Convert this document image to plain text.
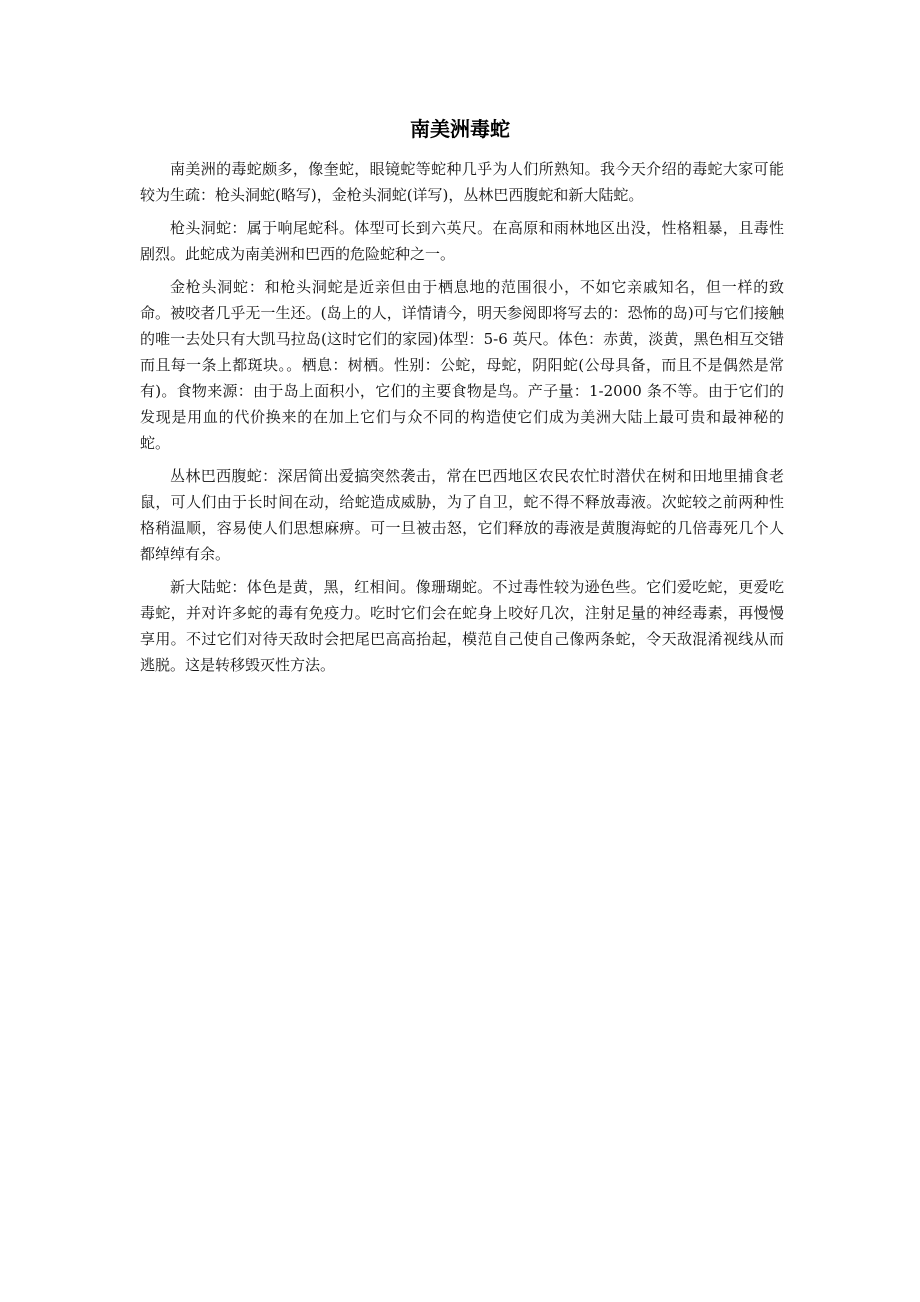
南美洲毒蛇

南美洲的毒蛇颇多，像奎蛇，眼镜蛇等蛇种几乎为人们所熟知。我今天介绍的毒蛇大家可能较为生疏：枪头洞蛇(略写)，金枪头洞蛇(详写)，丛林巴西腹蛇和新大陆蛇。

枪头洞蛇：属于响尾蛇科。体型可长到六英尺。在高原和雨林地区出没，性格粗暴，且毒性剧烈。此蛇成为南美洲和巴西的危险蛇种之一。

金枪头洞蛇：和枪头洞蛇是近亲但由于栖息地的范围很小，不如它亲戚知名，但一样的致命。被咬者几乎无一生还。(岛上的人，详情请今，明天参阅即将写去的：恐怖的岛)可与它们接触的唯一去处只有大凯马拉岛(这时它们的家园)体型：5-6 英尺。体色：赤黄，淡黄，黑色相互交错而且每一条上都斑块。。栖息：树栖。性别：公蛇，母蛇，阴阳蛇(公母具备，而且不是偶然是常有)。食物来源：由于岛上面积小，它们的主要食物是鸟。产子量：1-2000 条不等。由于它们的发现是用血的代价换来的在加上它们与众不同的构造使它们成为美洲大陆上最可贵和最神秘的蛇。

丛林巴西腹蛇：深居简出爱搞突然袭击，常在巴西地区农民农忙时潜伏在树和田地里捕食老鼠，可人们由于长时间在动，给蛇造成威胁，为了自卫，蛇不得不释放毒液。次蛇较之前两种性格稍温顺，容易使人们思想麻痹。可一旦被击怒，它们释放的毒液是黄腹海蛇的几倍毒死几个人都绰绰有余。

新大陆蛇：体色是黄，黑，红相间。像珊瑚蛇。不过毒性较为逊色些。它们爱吃蛇，更爱吃毒蛇，并对许多蛇的毒有免疫力。吃时它们会在蛇身上咬好几次，注射足量的神经毒素，再慢慢享用。不过它们对待天敌时会把尾巴高高抬起，模范自己使自己像两条蛇，令天敌混淆视线从而逃脱。这是转移毁灭性方法。
